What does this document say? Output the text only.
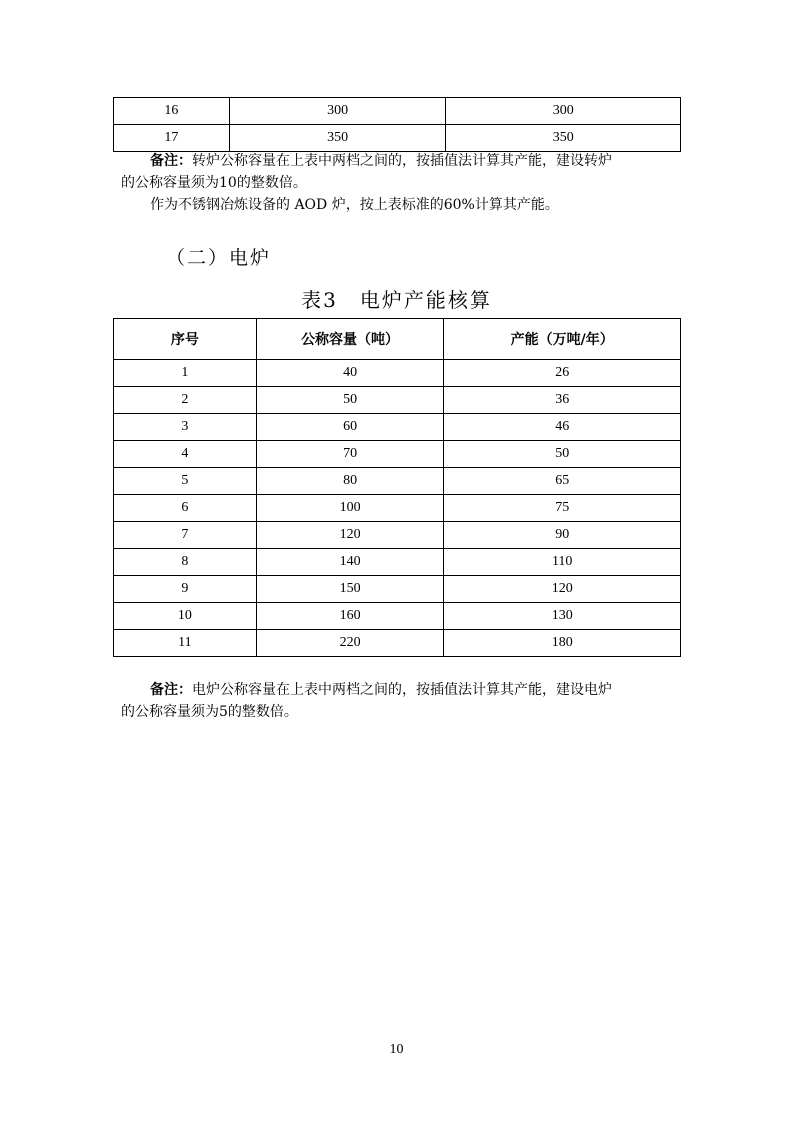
16	300	300
17	350	350
备注：转炉公称容量在上表中两档之间的，按插值法计算其产能，建设转炉
的公称容量须为10的整数倍。
作为不锈钢冶炼设备的 AOD 炉，按上表标准的60%计算其产能。
（二）电炉
表3　电炉产能核算
序号	公称容量（吨）	产能（万吨/年）
1	40	26
2	50	36
3	60	46
4	70	50
5	80	65
6	100	75
7	120	90
8	140	110
9	150	120
10	160	130
11	220	180
备注：电炉公称容量在上表中两档之间的，按插值法计算其产能，建设电炉
的公称容量须为5的整数倍。
10
